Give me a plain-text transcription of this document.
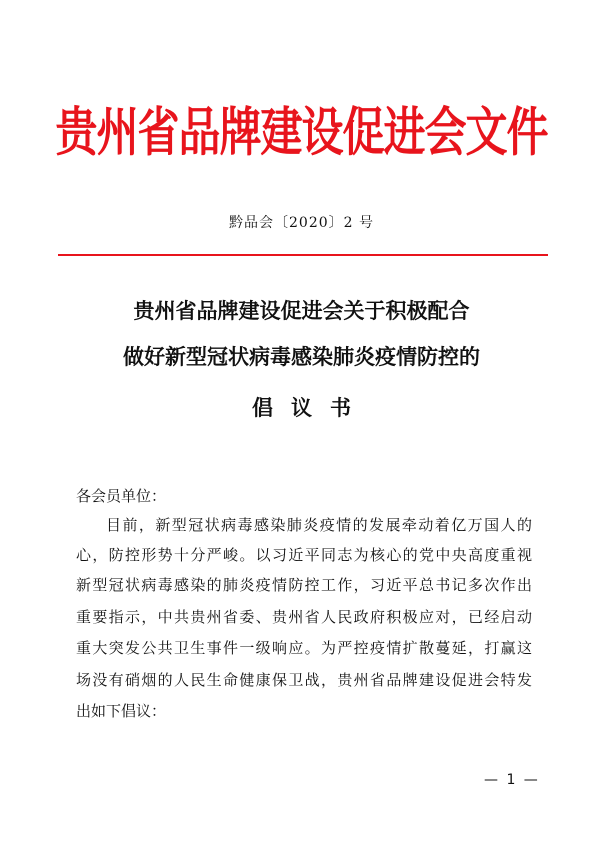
贵州省品牌建设促进会文件
黔品会〔2020〕2 号
贵州省品牌建设促进会关于积极配合
做好新型冠状病毒感染肺炎疫情防控的
倡议书
各会员单位：
目前，新型冠状病毒感染肺炎疫情的发展牵动着亿万国人的
心，防控形势十分严峻。以习近平同志为核心的党中央高度重视
新型冠状病毒感染的肺炎疫情防控工作，习近平总书记多次作出
重要指示，中共贵州省委、贵州省人民政府积极应对，已经启动
重大突发公共卫生事件一级响应。为严控疫情扩散蔓延，打赢这
场没有硝烟的人民生命健康保卫战，贵州省品牌建设促进会特发
出如下倡议：
— 1 —
